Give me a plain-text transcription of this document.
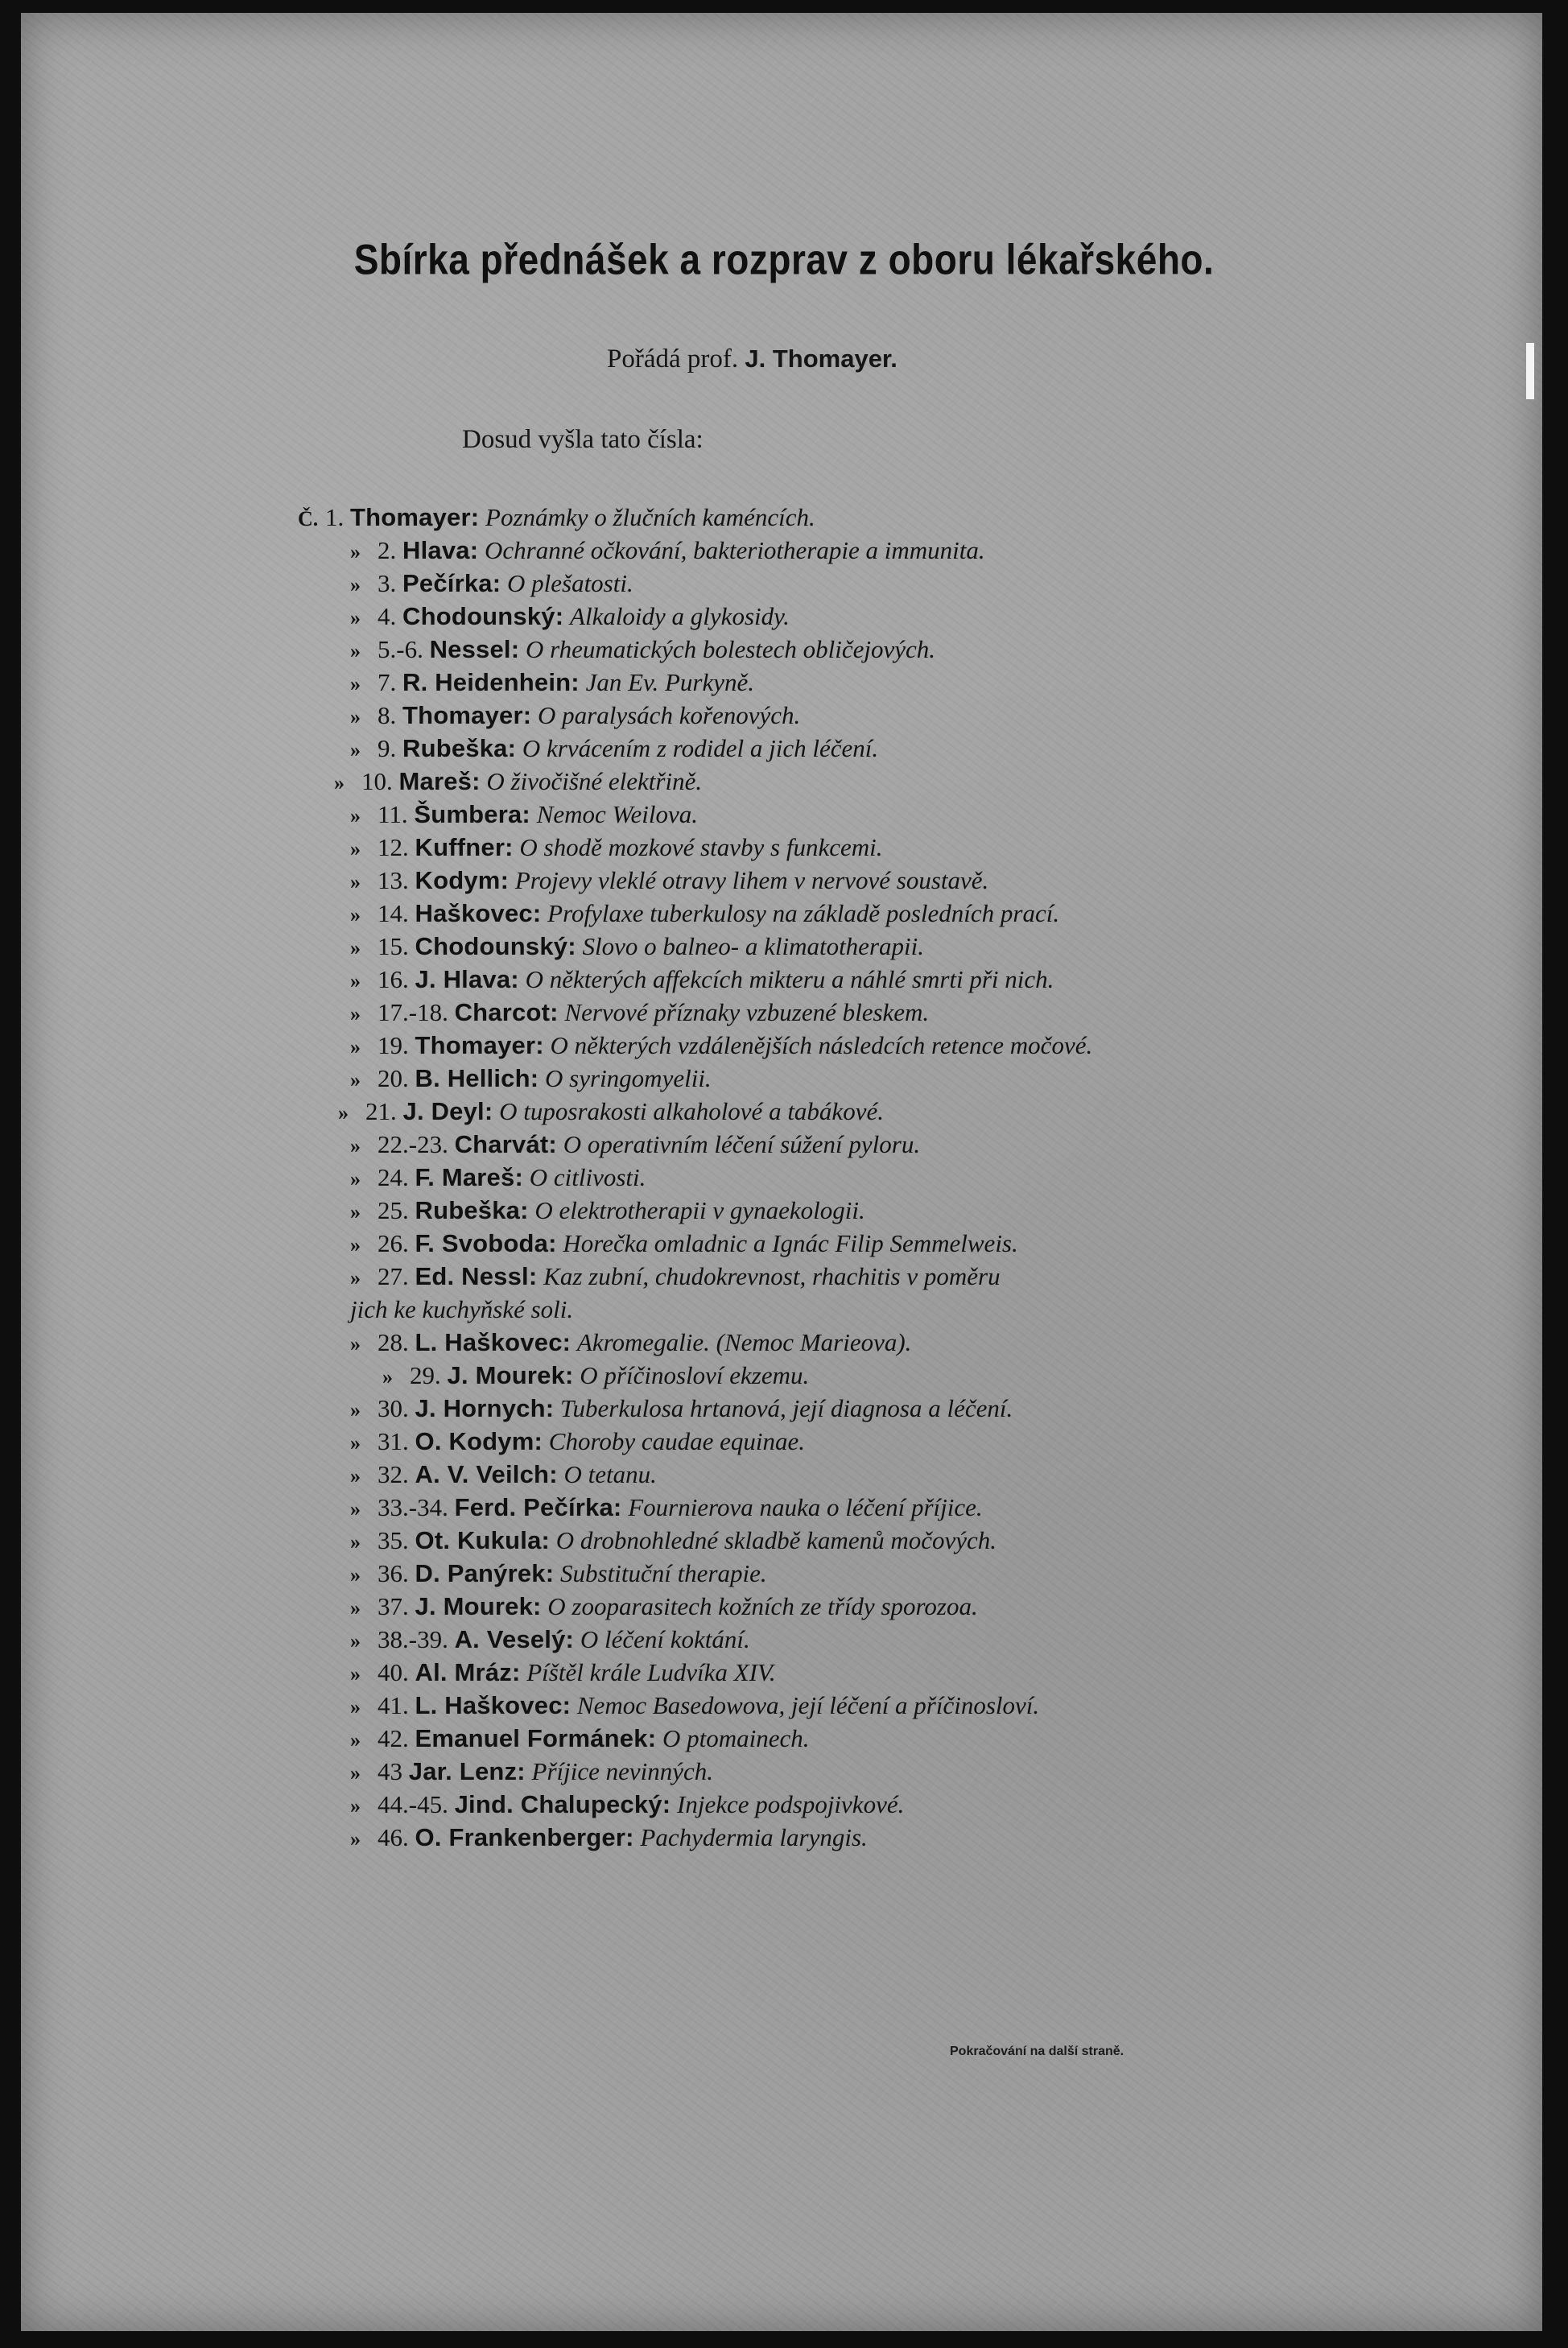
Sbírka přednášek a rozprav z oboru lékařského.
Pořádá prof. J. Thomayer.
Dosud vyšla tato čísla:
Č. 1. Thomayer: Poznámky o žlučních kaméncích.
» 2. Hlava: Ochranné očkování, bakteriotherapie a immunita.
» 3. Pečírka: O plešatosti.
» 4. Chodounský: Alkaloidy a glykosidy.
» 5.-6. Nessel: O rheumatických bolestech obličejových.
» 7. R. Heidenhein: Jan Ev. Purkyně.
» 8. Thomayer: O paralysách kořenových.
» 9. Rubeška: O krvácením z rodidel a jich léčení.
» 10. Mareš: O živočišné elektřině.
» 11. Šumbera: Nemoc Weilova.
» 12. Kuffner: O shodě mozkové stavby s funkcemi.
» 13. Kodym: Projevy vleklé otravy lihem v nervové soustavě.
» 14. Haškovec: Profylaxe tuberkulosy na základě posledních prací.
» 15. Chodounský: Slovo o balneo- a klimatotherapii.
» 16. J. Hlava: O některých affekcích mikteru a náhlé smrti při nich.
» 17.-18. Charcot: Nervové příznaky vzbuzené bleskem.
» 19. Thomayer: O některých vzdálenějších následcích retence močové.
» 20. B. Hellich: O syringomyelii.
» 21. J. Deyl: O tuposrakosti alkaholové a tabákové.
» 22.-23. Charvát: O operativním léčení súžení pyloru.
» 24. F. Mareš: O citlivosti.
» 25. Rubeška: O elektrotherapii v gynaekologii.
» 26. F. Svoboda: Horečka omladnic a Ignác Filip Semmelweis.
» 27. Ed. Nessl: Kaz zubní, chudokrevnost, rhachitis v poměru
jich ke kuchyňské soli.
» 28. L. Haškovec: Akromegalie. (Nemoc Marieova).
» 29. J. Mourek: O příčinosloví ekzemu.
» 30. J. Hornych: Tuberkulosa hrtanová, její diagnosa a léčení.
» 31. O. Kodym: Choroby caudae equinae.
» 32. A. V. Veilch: O tetanu.
» 33.-34. Ferd. Pečírka: Fournierova nauka o léčení příjice.
» 35. Ot. Kukula: O drobnohledné skladbě kamenů močových.
» 36. D. Panýrek: Substituční therapie.
» 37. J. Mourek: O zooparasitech kožních ze třídy sporozoa.
» 38.-39. A. Veselý: O léčení koktání.
» 40. Al. Mráz: Píštěl krále Ludvíka XIV.
» 41. L. Haškovec: Nemoc Basedowova, její léčení a příčinosloví.
» 42. Emanuel Formánek: O ptomainech.
» 43 Jar. Lenz: Příjice nevinných.
» 44.-45. Jind. Chalupecký: Injekce podspojivkové.
» 46. O. Frankenberger: Pachydermia laryngis.
Pokračování na další straně.
